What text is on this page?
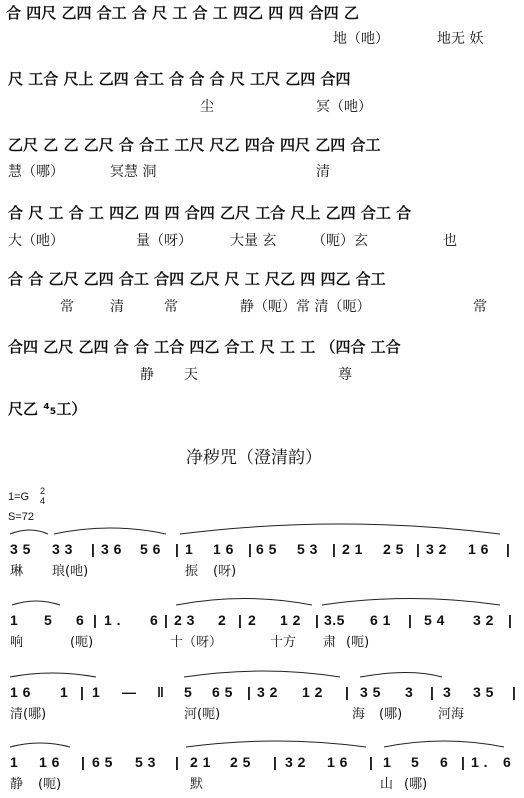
合 四尺 乙四 合工 合 尺 工 合 工 四乙 四 四 合四 乙
地（吔）	地无 妖
尺 工合 尺上 乙四 合工 合 合 合 尺 工尺 乙四 合四
尘	冥（吔）
乙尺 乙 乙 乙尺 合 合工 工尺 尺乙 四合 四尺 乙四 合工
慧（哪）	冥慧 洞	清
合 尺 工 合 工 四乙 四 四 合四 乙尺 工合 尺上 乙四 合工 合
大（吔）	量（呀）	大量 玄	（呃）玄	也
合 合 乙尺 乙四 合工 合四 乙尺 尺 工 尺乙 四 四乙 合工
常	清	常	静（呃）常 清（呃）	常
合四 乙尺 乙四 合 合 工合 四乙 合工 尺 工 工 （四合 工合
静 天	尊
尺乙 ⁴₅工）
净秽咒（澄清韵）
1=G 2
4
S=72
3 5 3 3 | 3 6 5 6 | 1 1 6 | 6 5 5 3 | 2 1 2 5 | 3 2 1 6 |
琳 琅(吔)	振 (呀)
1 5 6 | 1 . 6 | 2 3 2 | 2 1 2 | 3.5 6 1 | 5 4 3 2 |
响	(呃)	十（呀）	十方 肃 (呃)
1 6 1 | 1 — ‖ 5 6 5 | 3 2 1 2 | 3 5 3 | 3 3 5 |
清(哪)	河(呃)	海 (哪)	河海
1 1 6 | 6 5 5 3 | 2 1 2 5 | 3 2 1 6 | 1 5 6 | 1 . 6
静 (呃)	默	山 (哪)
